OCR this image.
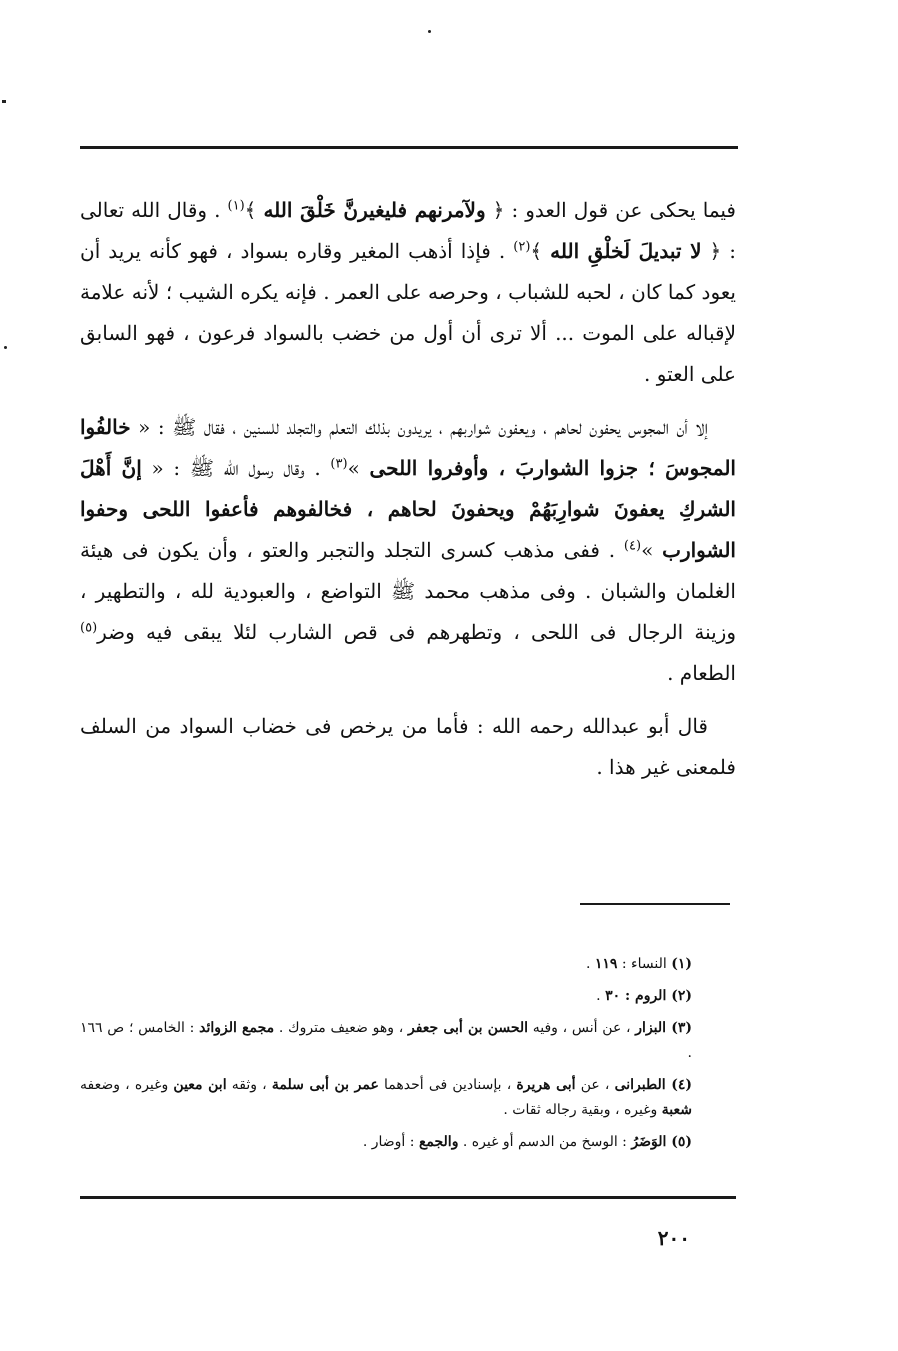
فيما يحكى عن قول العدو : ﴿ ولآمرنهم فليغيرنَّ خَلْقَ الله ﴾$^{(١)}$ . وقال الله تعالى : ﴿ لا تبديلَ لَخلْقِ الله ﴾$^{(٢)}$ . فإذا أذهب المغير وقاره بسواد ، فهو كأنه يريد أن يعود كما كان ، لحبه للشباب ، وحرصه على العمر . فإنه يكره الشيب ؛ لأنه علامة لإقباله على الموت ... ألا ترى أن أول من خضب بالسواد فرعون ، فهو السابق على العتو .

إلا أن المجوس يحفون لحاهم ، ويعفون شواربهم ، يريدون بذلك التعلم والتجلد للسنين ، فقال ﷺ : « خالفُوا المجوسَ ؛ جزوا الشواربَ ، وأوفروا اللحى »$^{(٣)}$ . وقال رسول الله ﷺ : « إنَّ أَهْلَ الشركِ يعفونَ شوارِبَهُمْ ويحفونَ لحاهم ، فخالفوهم فأعفوا اللحى وحفوا الشوارب »$^{(٤)}$ . ففى مذهب كسرى التجلد والتجبر والعتو ، وأن يكون فى هيئة الغلمان والشبان . وفى مذهب محمد ﷺ التواضع ، والعبودية لله ، والتطهير ، وزينة الرجال فى اللحى ، وتطهرهم فى قص الشارب لئلا يبقى فيه وضر$^{(٥)}$ الطعام .

قال أبو عبدالله رحمه الله : فأما من يرخص فى خضاب السواد من السلف فلمعنى غير هذا .

(١) النساء : ١١٩ .

(٢) الروم : ٣٠ .

(٣) البزار ، عن أنس ، وفيه الحسن بن أبى جعفر ، وهو ضعيف متروك . مجمع الزوائد : الخامس ؛ ص ١٦٦ .

(٤) الطبرانى ، عن أبى هريرة ، بإسنادين فى أحدهما عمر بن أبى سلمة ، وثقه ابن معين وغيره ، وضعفه شعبة وغيره ، وبقية رجاله ثقات .

(٥) الوَضَرُ : الوسخ من الدسم أو غيره . والجمع : أوضار .

٢٠٠
